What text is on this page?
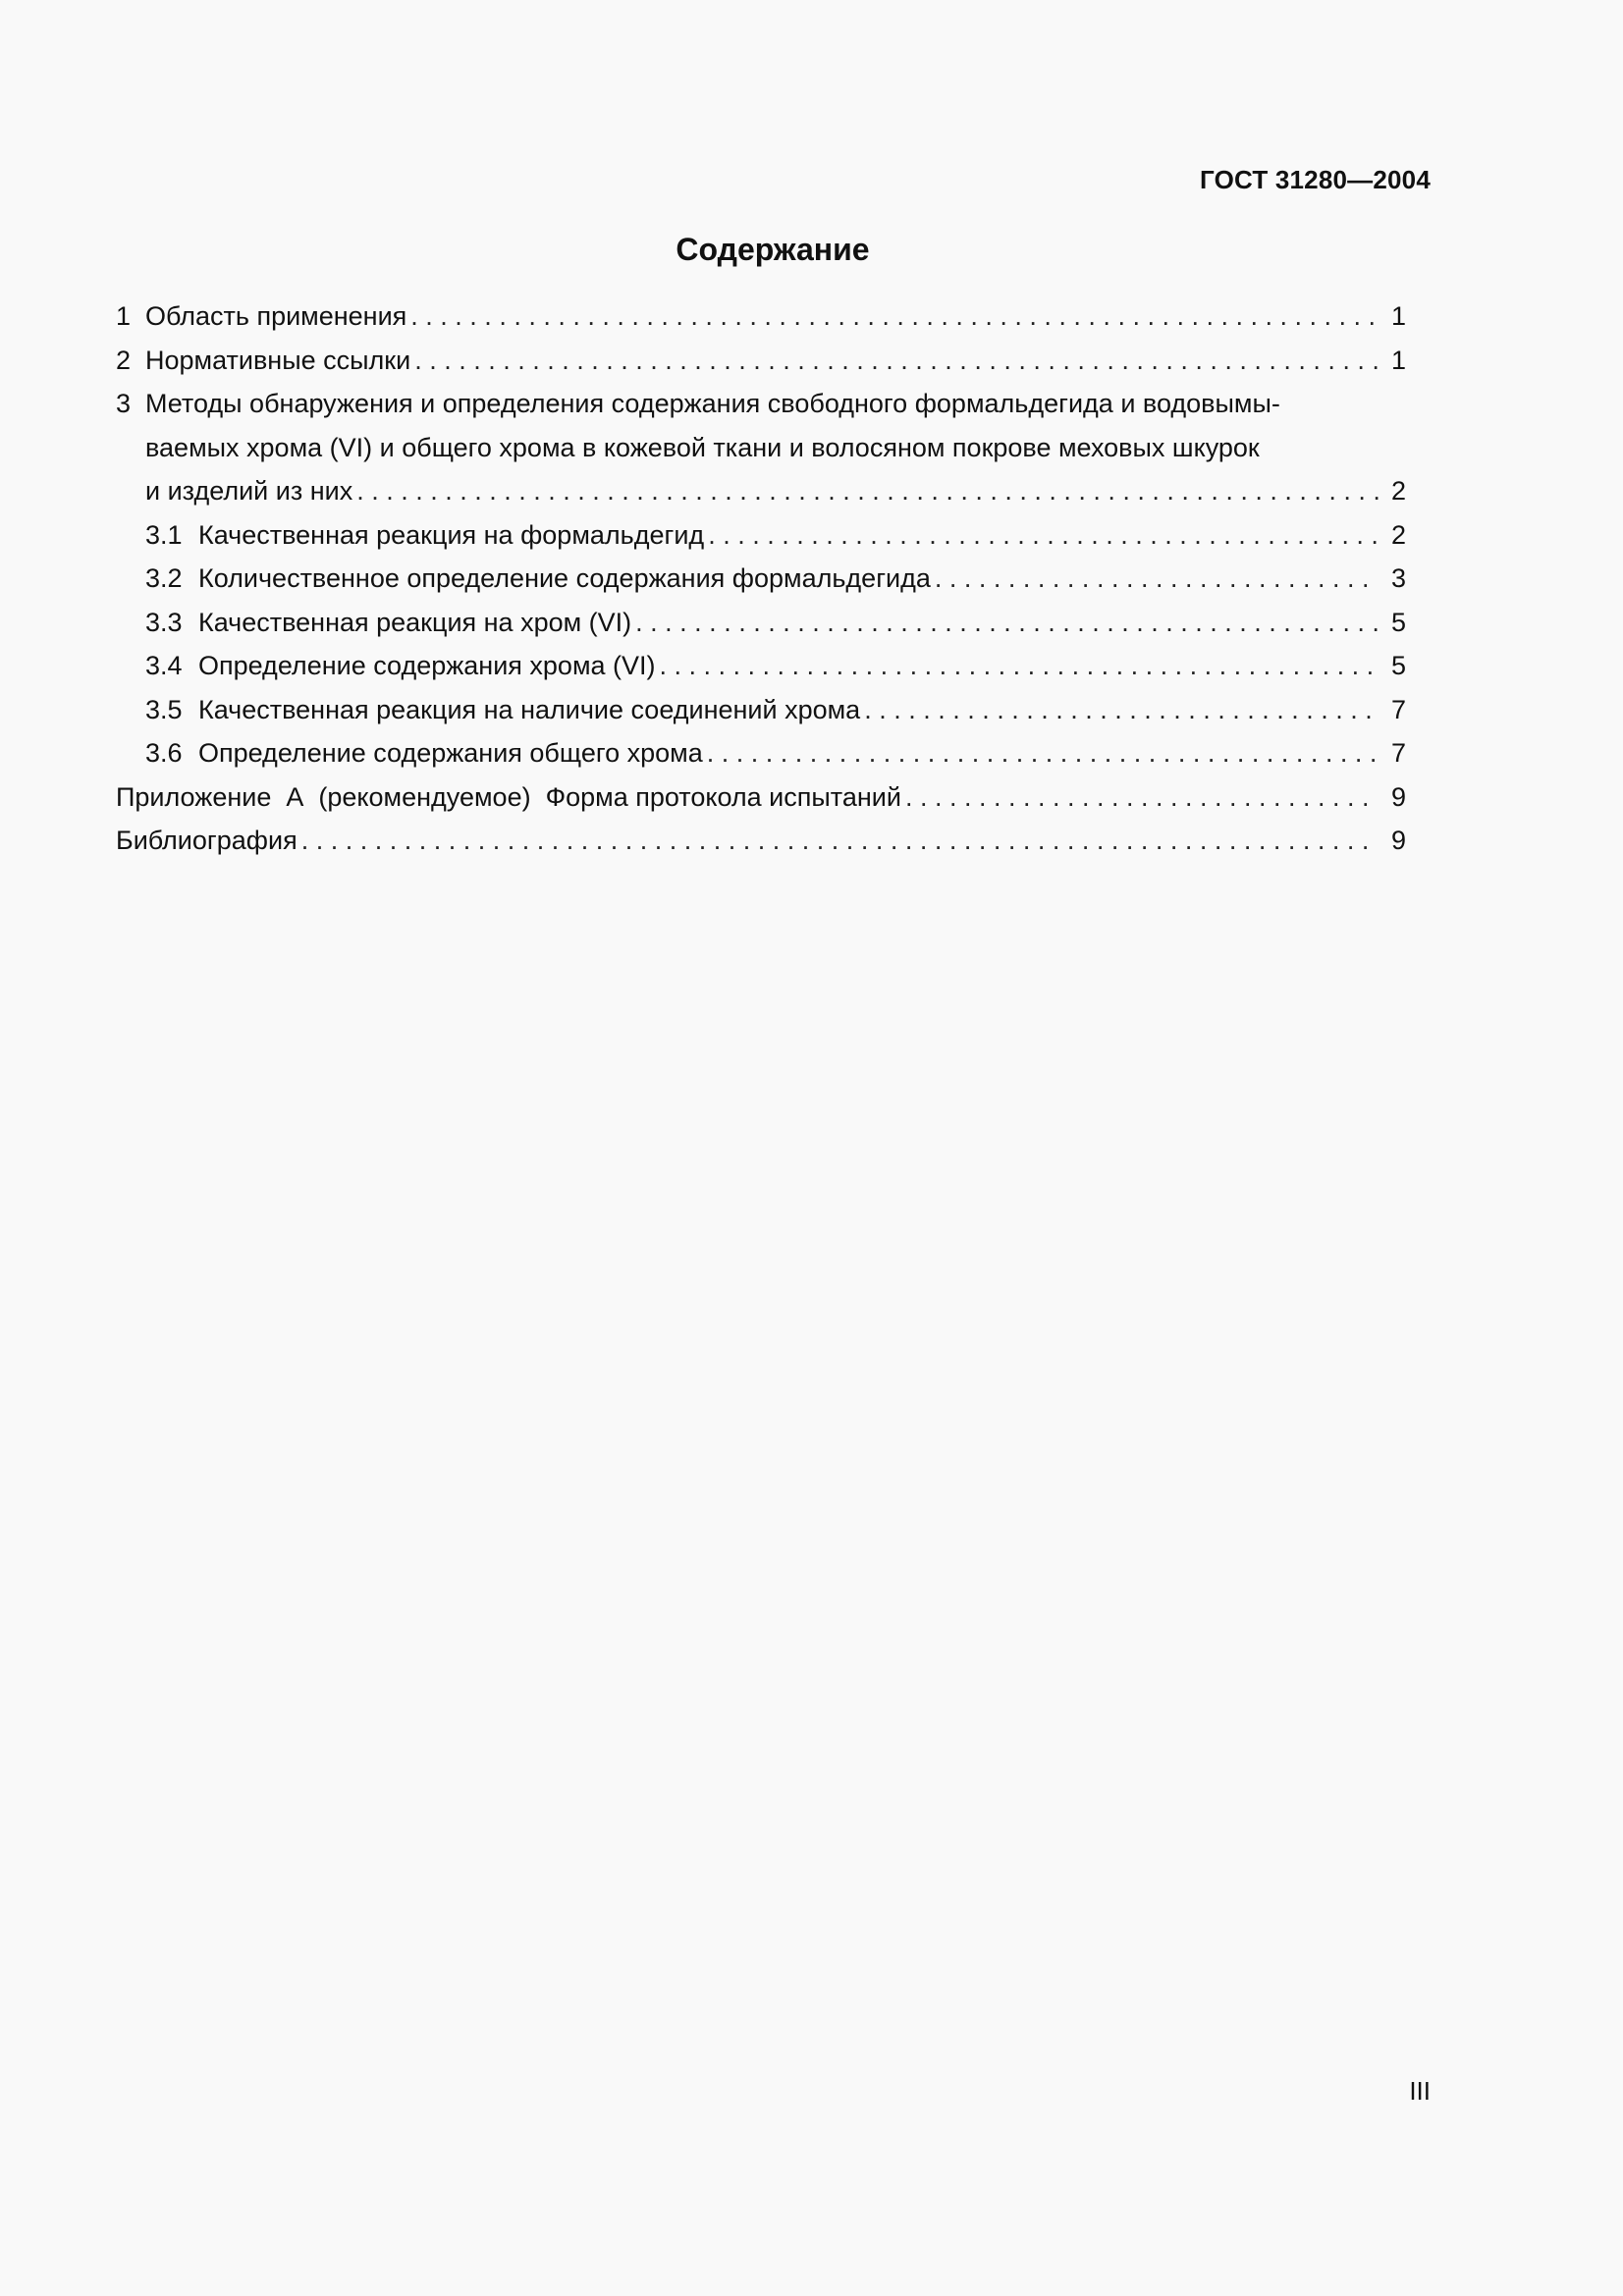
ГОСТ 31280—2004
Содержание
1 Область применения . . .	1
2 Нормативные ссылки . . .	1
3 Методы обнаружения и определения содержания свободного формальдегида и водовымы-
ваемых хрома (VI) и общего хрома в кожевой ткани и волосяном покрове меховых шкурок
и изделий из них . . .	2
3.1 Качественная реакция на формальдегид . . .	2
3.2 Количественное определение содержания формальдегида . . .	3
3.3 Качественная реакция на хром (VI) . . .	5
3.4 Определение содержания хрома (VI) . . .	5
3.5 Качественная реакция на наличие соединений хрома . . .	7
3.6 Определение содержания общего хрома . . .	7
Приложение  А  (рекомендуемое)  Форма протокола испытаний . . .	9
Библиография . . .	9
III
